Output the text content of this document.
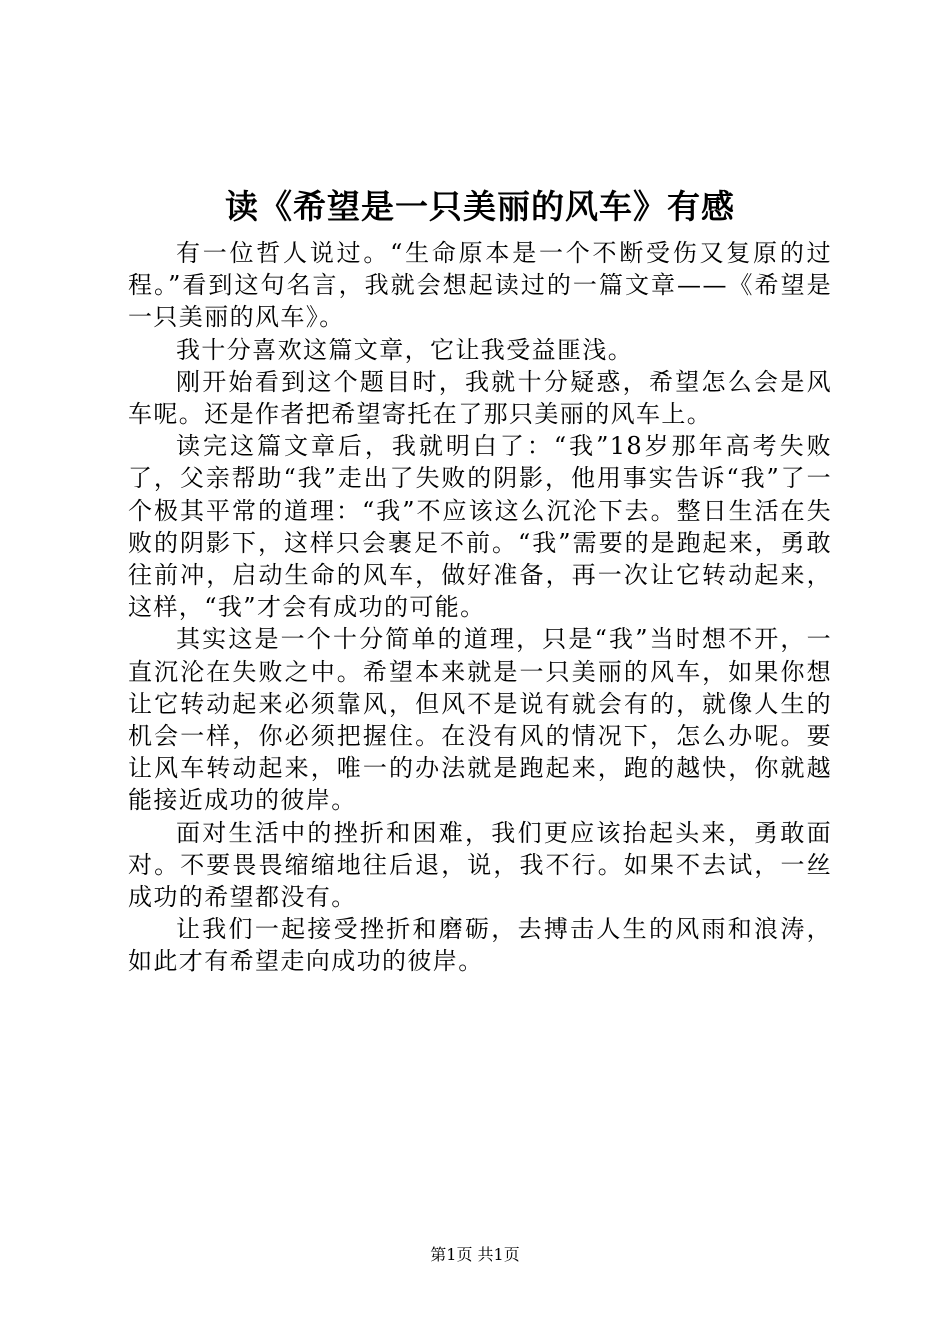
读《希望是一只美丽的风车》有感

有一位哲人说过。“生命原本是一个不断受伤又复原的过程。”看到这句名言，我就会想起读过的一篇文章——《希望是一只美丽的风车》。

我十分喜欢这篇文章，它让我受益匪浅。

刚开始看到这个题目时，我就十分疑惑，希望怎么会是风车呢。还是作者把希望寄托在了那只美丽的风车上。

读完这篇文章后，我就明白了：“我”18岁那年高考失败了，父亲帮助“我”走出了失败的阴影，他用事实告诉“我”了一个极其平常的道理：“我”不应该这么沉沦下去。整日生活在失败的阴影下，这样只会裹足不前。“我”需要的是跑起来，勇敢往前冲，启动生命的风车，做好准备，再一次让它转动起来，这样，“我”才会有成功的可能。

其实这是一个十分简单的道理，只是“我”当时想不开，一直沉沦在失败之中。希望本来就是一只美丽的风车，如果你想让它转动起来必须靠风，但风不是说有就会有的，就像人生的机会一样，你必须把握住。在没有风的情况下，怎么办呢。要让风车转动起来，唯一的办法就是跑起来，跑的越快，你就越能接近成功的彼岸。

面对生活中的挫折和困难，我们更应该抬起头来，勇敢面对。不要畏畏缩缩地往后退，说，我不行。如果不去试，一丝成功的希望都没有。

让我们一起接受挫折和磨砺，去搏击人生的风雨和浪涛，如此才有希望走向成功的彼岸。

第1页 共1页
